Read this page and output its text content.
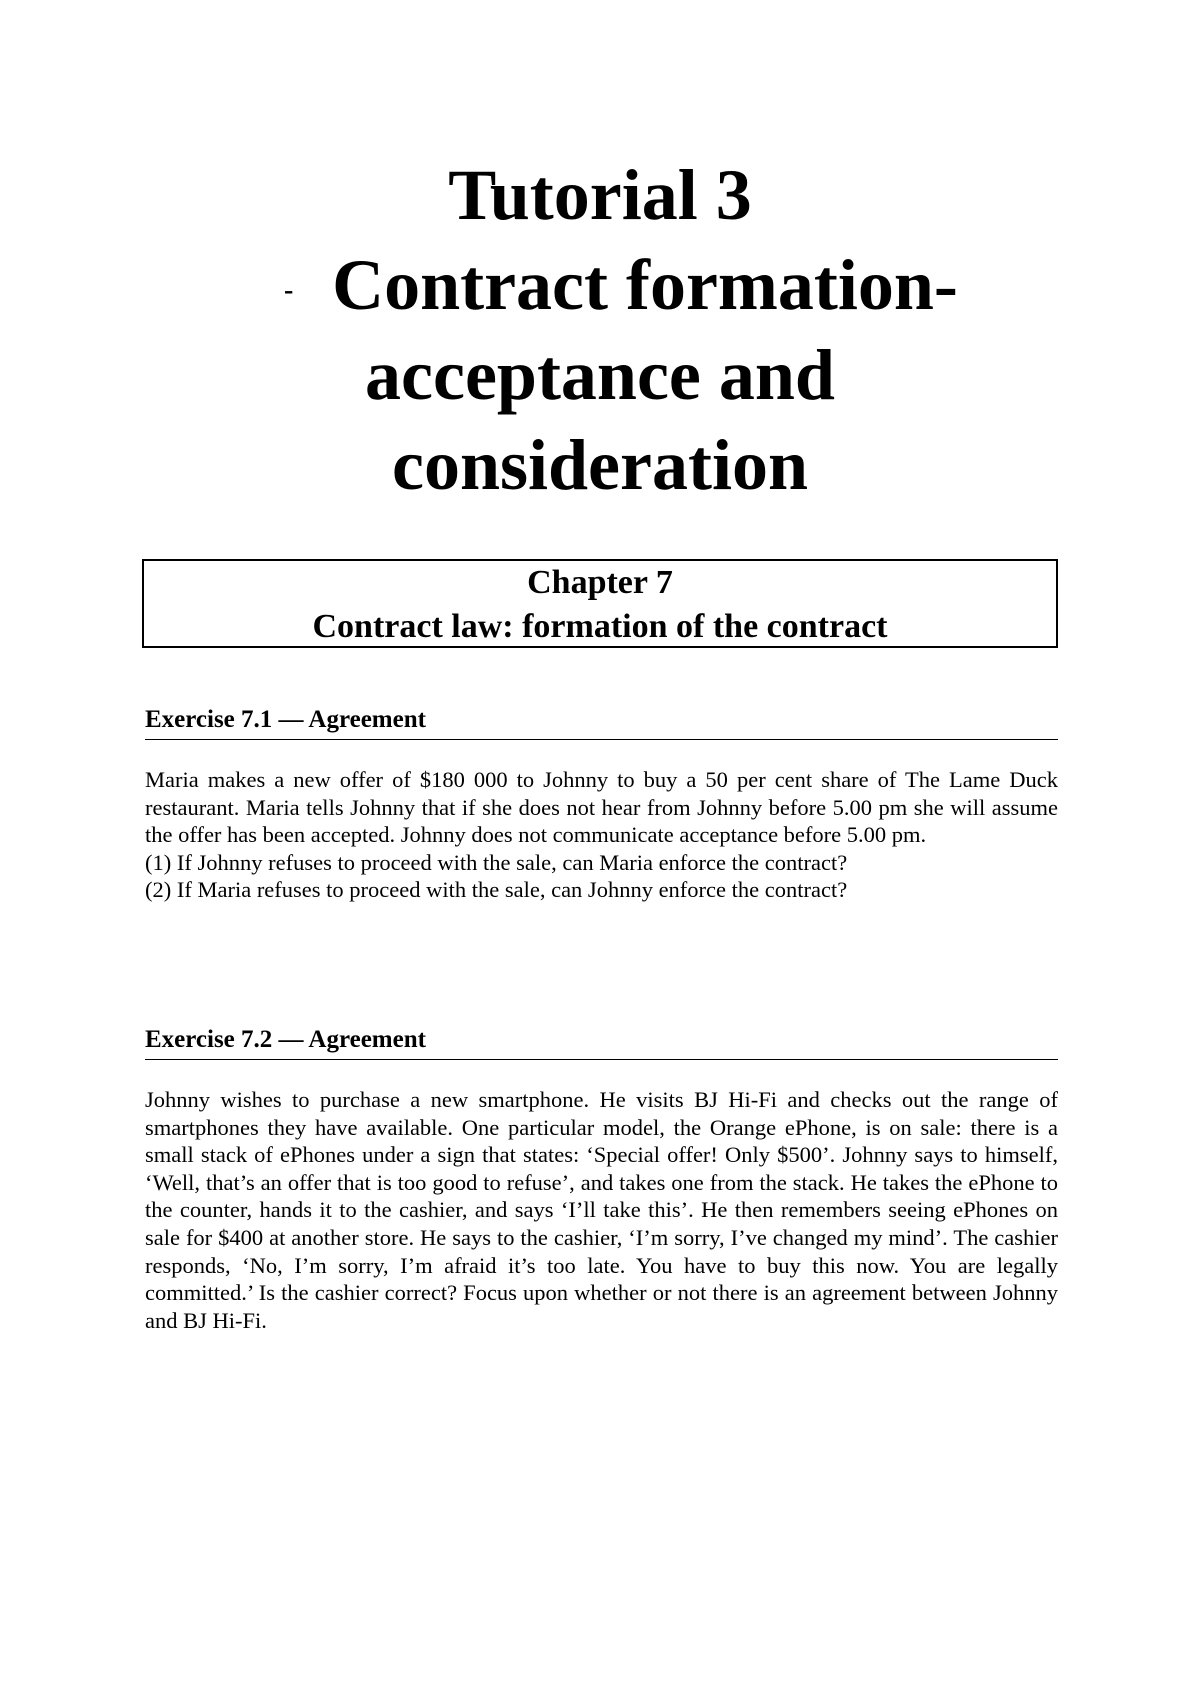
Tutorial 3
- Contract formation-
acceptance and
consideration
Chapter 7
Contract law: formation of the contract
Exercise 7.1 — Agreement

Maria makes a new offer of $180 000 to Johnny to buy a 50 per cent share of The Lame Duck restaurant. Maria tells Johnny that if she does not hear from Johnny before 5.00 pm she will assume the offer has been accepted. Johnny does not communicate acceptance before 5.00 pm.

(1) If Johnny refuses to proceed with the sale, can Maria enforce the contract?

(2) If Maria refuses to proceed with the sale, can Johnny enforce the contract?

Exercise 7.2 — Agreement

Johnny wishes to purchase a new smartphone. He visits BJ Hi-Fi and checks out the range of smartphones they have available. One particular model, the Orange ePhone, is on sale: there is a small stack of ePhones under a sign that states: ‘Special offer! Only $500’. Johnny says to himself, ‘Well, that’s an offer that is too good to refuse’, and takes one from the stack. He takes the ePhone to the counter, hands it to the cashier, and says ‘I’ll take this’. He then remembers seeing ePhones on sale for $400 at another store. He says to the cashier, ‘I’m sorry, I’ve changed my mind’. The cashier responds, ‘No, I’m sorry, I’m afraid it’s too late. You have to buy this now. You are legally committed.’ Is the cashier correct? Focus upon whether or not there is an agreement between Johnny and BJ Hi-Fi.
